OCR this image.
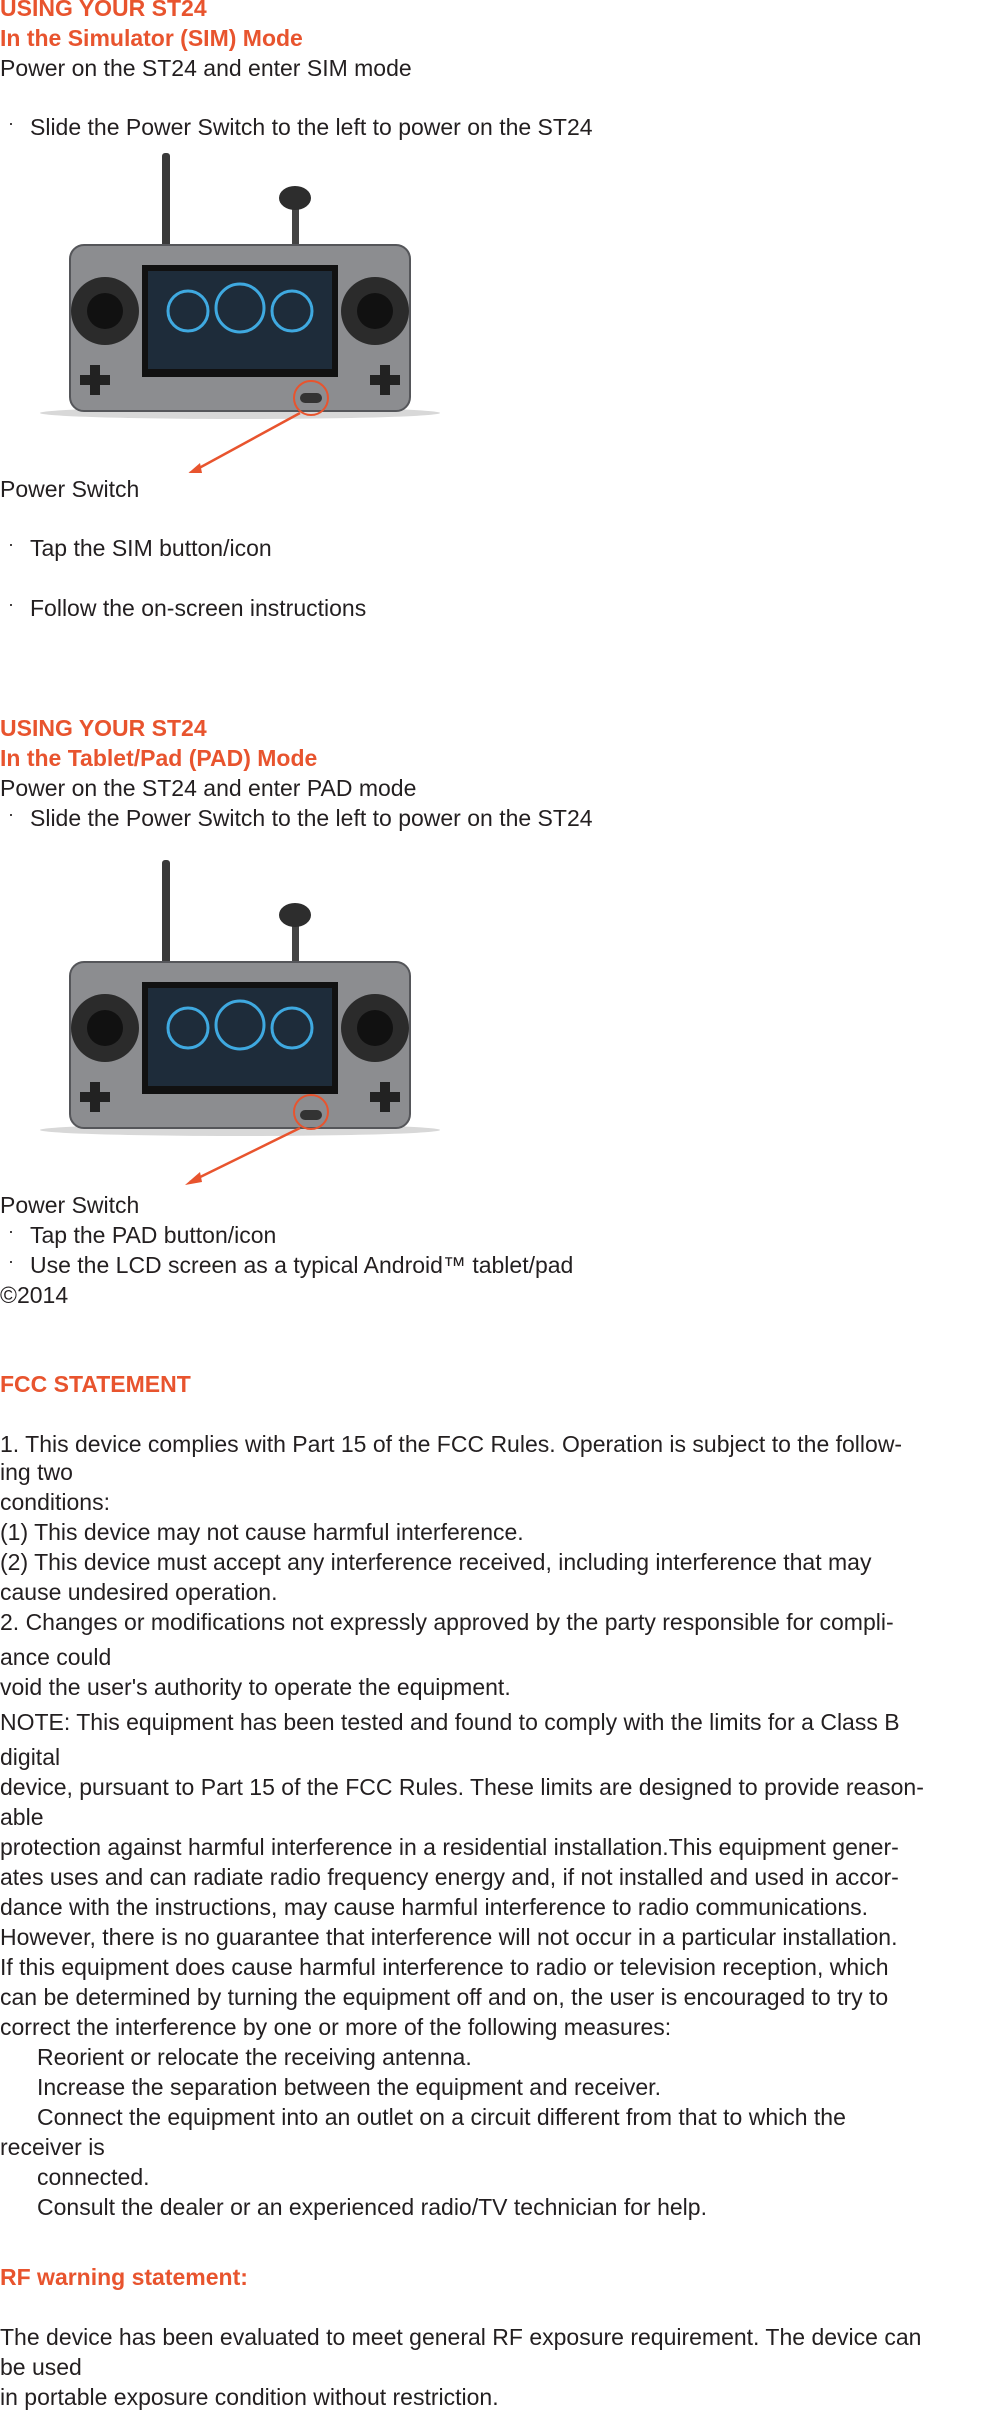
USING YOUR ST24
In the Simulator (SIM) Mode
Power on the ST24 and enter SIM mode
· Slide the Power Switch to the left to power on the ST24
Power Switch
· Tap the SIM button/icon
· Follow the on-screen instructions
USING YOUR ST24
In the Tablet/Pad (PAD) Mode
Power on the ST24 and enter PAD mode
· Slide the Power Switch to the left to power on the ST24
Power Switch
· Tap the PAD button/icon
· Use the LCD screen as a typical Android™ tablet/pad
©2014
FCC STATEMENT
1. This device complies with Part 15 of the FCC Rules. Operation is subject to the follow-
ing two
conditions:
(1) This device may not cause harmful interference.
(2) This device must accept any interference received, including interference that may
cause undesired operation.
2. Changes or modifications not expressly approved by the party responsible for compli-
ance could
void the user's authority to operate the equipment.
NOTE: This equipment has been tested and found to comply with the limits for a Class B
digital
device, pursuant to Part 15 of the FCC Rules. These limits are designed to provide reason-
able
protection against harmful interference in a residential installation.This equipment gener-
ates uses and can radiate radio frequency energy and, if not installed and used in accor-
dance with the instructions, may cause harmful interference to radio communications.
However, there is no guarantee that interference will not occur in a particular installation.
If this equipment does cause harmful interference to radio or television reception, which
can be determined by turning the equipment off and on, the user is encouraged to try to
correct the interference by one or more of the following measures:
Reorient or relocate the receiving antenna.
Increase the separation between the equipment and receiver.
Connect the equipment into an outlet on a circuit different from that to which the
receiver is
connected.
Consult the dealer or an experienced radio/TV technician for help.
RF warning statement:
The device has been evaluated to meet general RF exposure requirement. The device can
be used
in portable exposure condition without restriction.
